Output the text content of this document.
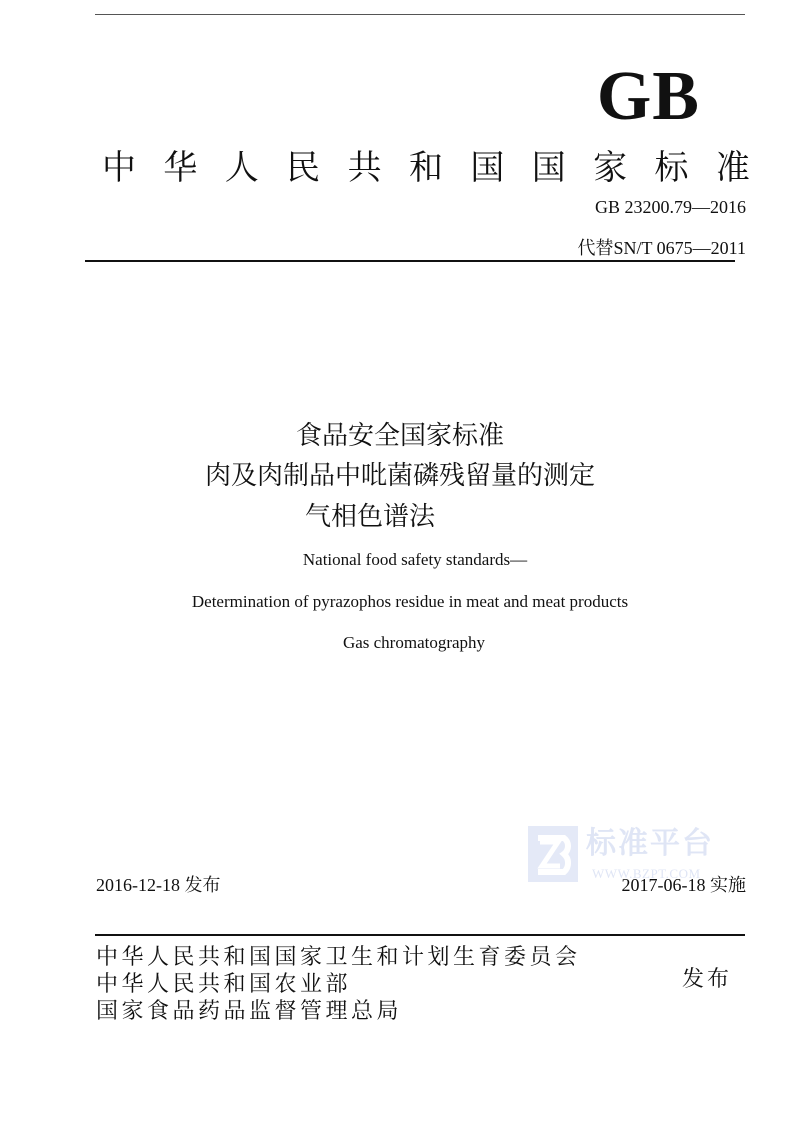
GB
中 华 人 民 共 和 国 国 家 标 准
GB 23200.79—2016
代替SN/T 0675—2011
食品安全国家标准
肉及肉制品中吡菌磷残留量的测定
气相色谱法
National food safety standards—
Determination of pyrazophos residue in meat and meat products
Gas chromatography
标准平台
WWW.BZPT.COM
2016-12-18 发布	2017-06-18 实施
中华人民共和国国家卫生和计划生育委员会
中华人民共和国农业部
国家食品药品监督管理总局
发布
